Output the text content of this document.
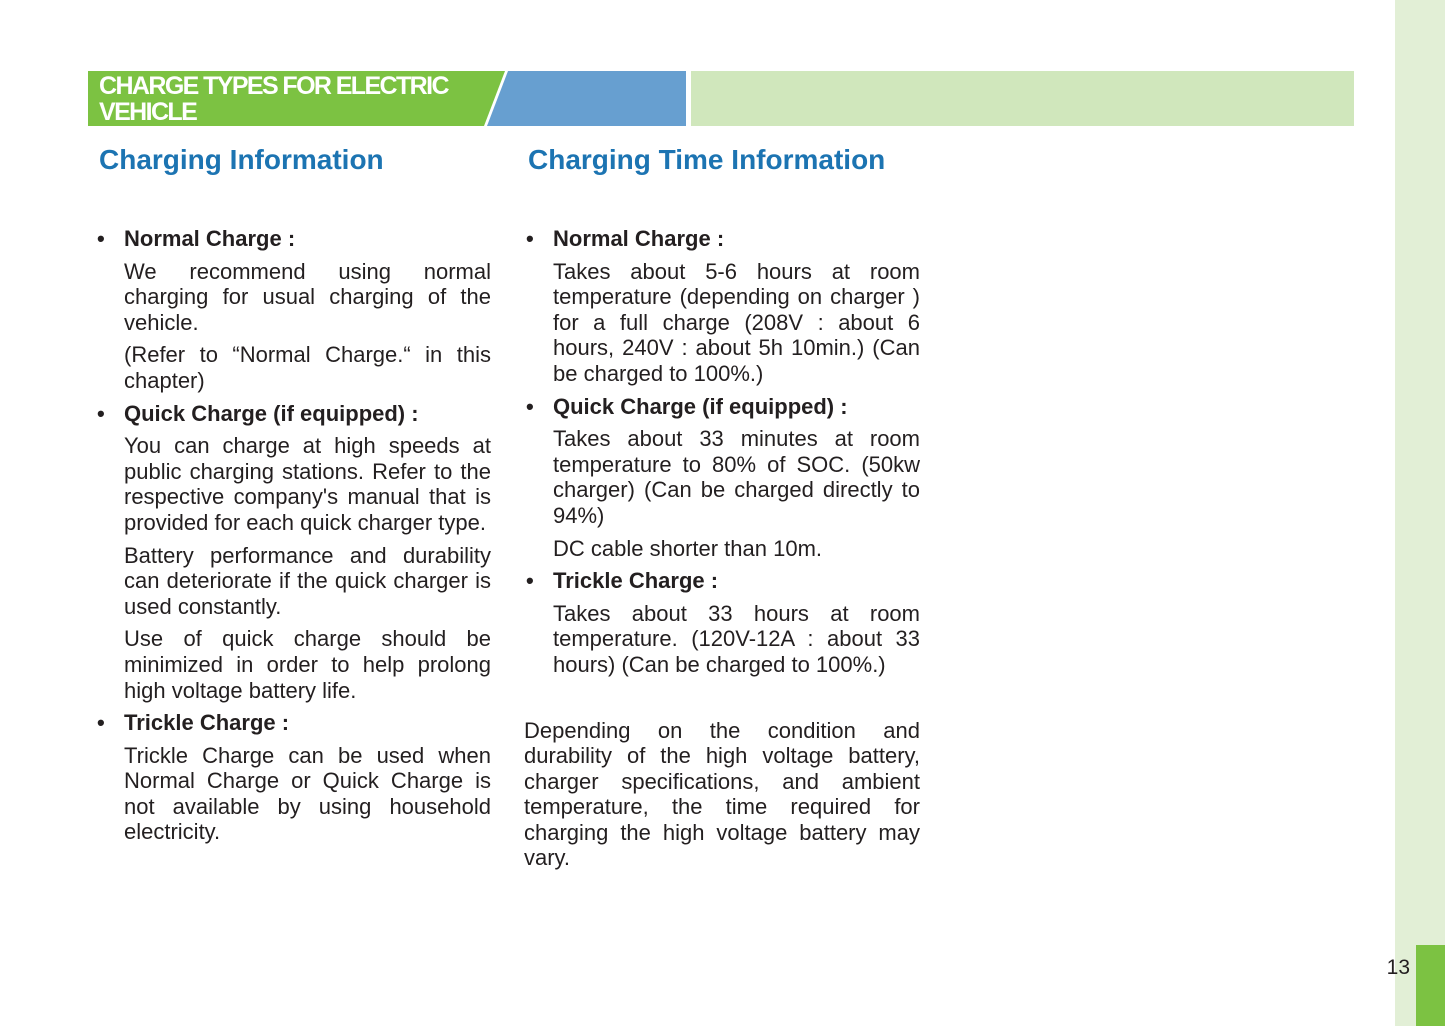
CHARGE TYPES FOR ELECTRIC VEHICLE
Charging Information	Charging Time Information
• Normal Charge :
We recommend using normal charging for usual charging of the vehicle.
(Refer to “Normal Charge.“ in this chapter)
• Quick Charge (if equipped) :
You can charge at high speeds at public charging stations. Refer to the respective company's manual that is provided for each quick charger type.
Battery performance and durability can deteriorate if the quick charger is used constantly.
Use of quick charge should be minimized in order to help prolong high voltage battery life.
• Trickle Charge :
Trickle Charge can be used when Normal Charge or Quick Charge is not available by using household electricity.
• Normal Charge :
Takes about 5-6 hours at room temperature (depending on charger ) for a full charge (208V : about 6 hours, 240V : about 5h 10min.) (Can be charged to 100%.)
• Quick Charge (if equipped) :
Takes about 33 minutes at room temperature to 80% of SOC. (50kw charger) (Can be charged directly to 94%)
DC cable shorter than 10m.
• Trickle Charge :
Takes about 33 hours at room temperature. (120V-12A : about 33 hours) (Can be charged to 100%.)
Depending on the condition and durability of the high voltage battery, charger specifications, and ambient temperature, the time required for charging the high voltage battery may vary.
13
